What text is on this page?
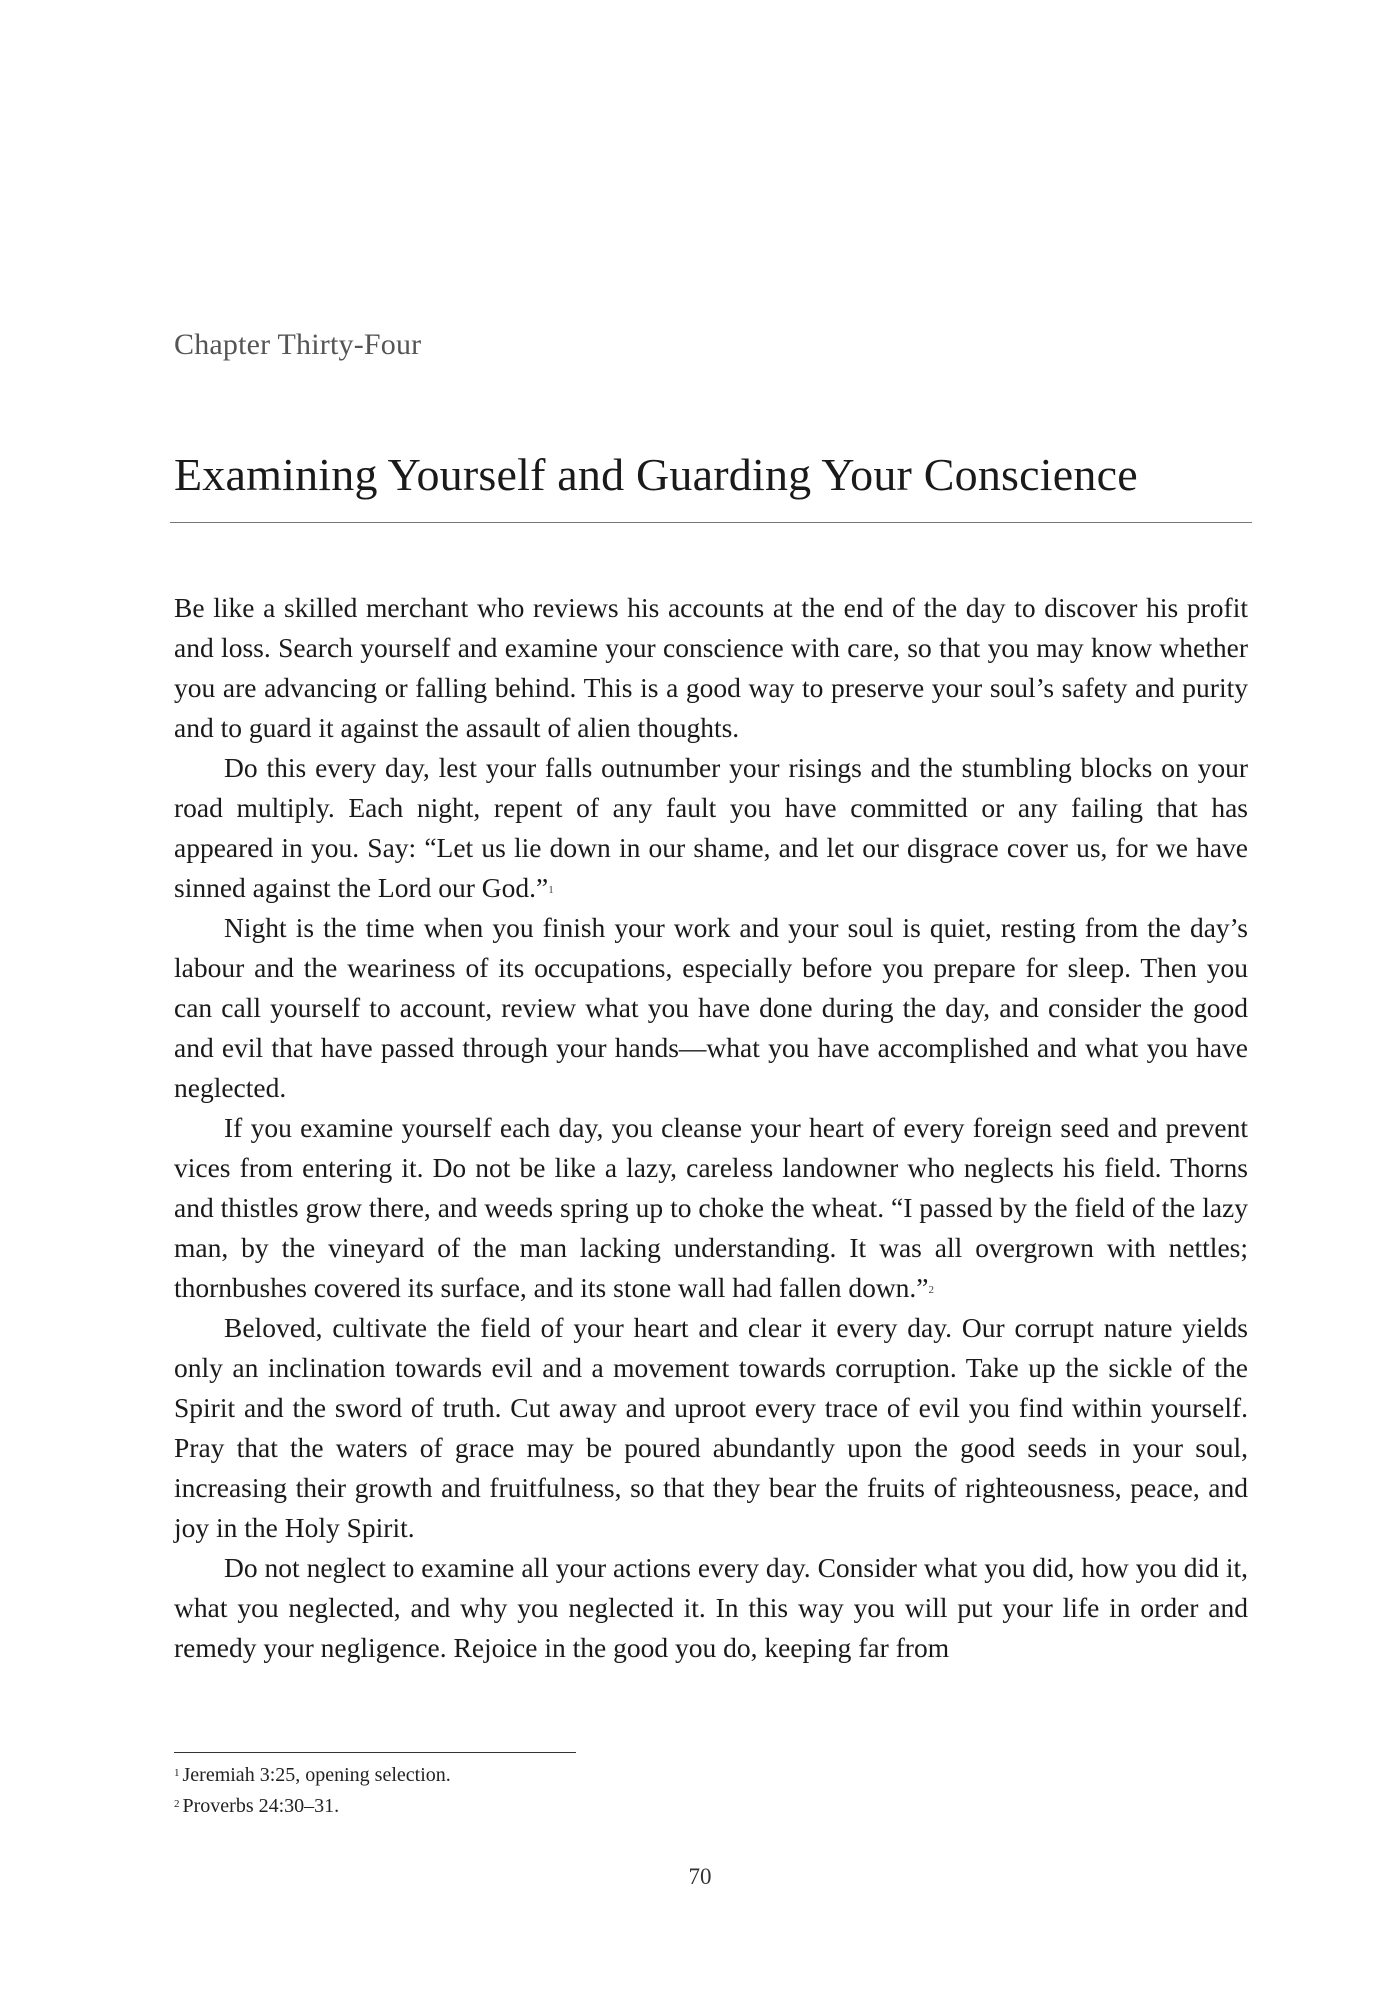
Chapter Thirty-Four
Examining Yourself and Guarding Your Conscience

Be like a skilled merchant who reviews his accounts at the end of the day to discover his profit and loss. Search yourself and examine your conscience with care, so that you may know whether you are advancing or falling behind. This is a good way to preserve your soul’s safety and purity and to guard it against the assault of alien thoughts.

Do this every day, lest your falls outnumber your risings and the stumbling blocks on your road multiply. Each night, repent of any fault you have committed or any failing that has appeared in you. Say: “Let us lie down in our shame, and let our disgrace cover us, for we have sinned against the Lord our God.”$^1$

Night is the time when you finish your work and your soul is quiet, resting from the day’s labour and the weariness of its occupations, especially before you prepare for sleep. Then you can call yourself to account, review what you have done during the day, and consider the good and evil that have passed through your hands—what you have accomplished and what you have neglected.

If you examine yourself each day, you cleanse your heart of every foreign seed and prevent vices from entering it. Do not be like a lazy, careless landowner who neglects his field. Thorns and thistles grow there, and weeds spring up to choke the wheat. “I passed by the field of the lazy man, by the vineyard of the man lacking understanding. It was all overgrown with nettles; thornbushes covered its surface, and its stone wall had fallen down.”$^2$

Beloved, cultivate the field of your heart and clear it every day. Our corrupt nature yields only an inclination towards evil and a movement towards corruption. Take up the sickle of the Spirit and the sword of truth. Cut away and uproot every trace of evil you find within yourself. Pray that the waters of grace may be poured abundantly upon the good seeds in your soul, increasing their growth and fruitfulness, so that they bear the fruits of righteousness, peace, and joy in the Holy Spirit.

Do not neglect to examine all your actions every day. Consider what you did, how you did it, what you neglected, and why you neglected it. In this way you will put your life in order and remedy your negligence. Rejoice in the good you do, keeping far from

$^1$ Jeremiah 3:25, opening selection.

$^2$ Proverbs 24:30–31.

70
